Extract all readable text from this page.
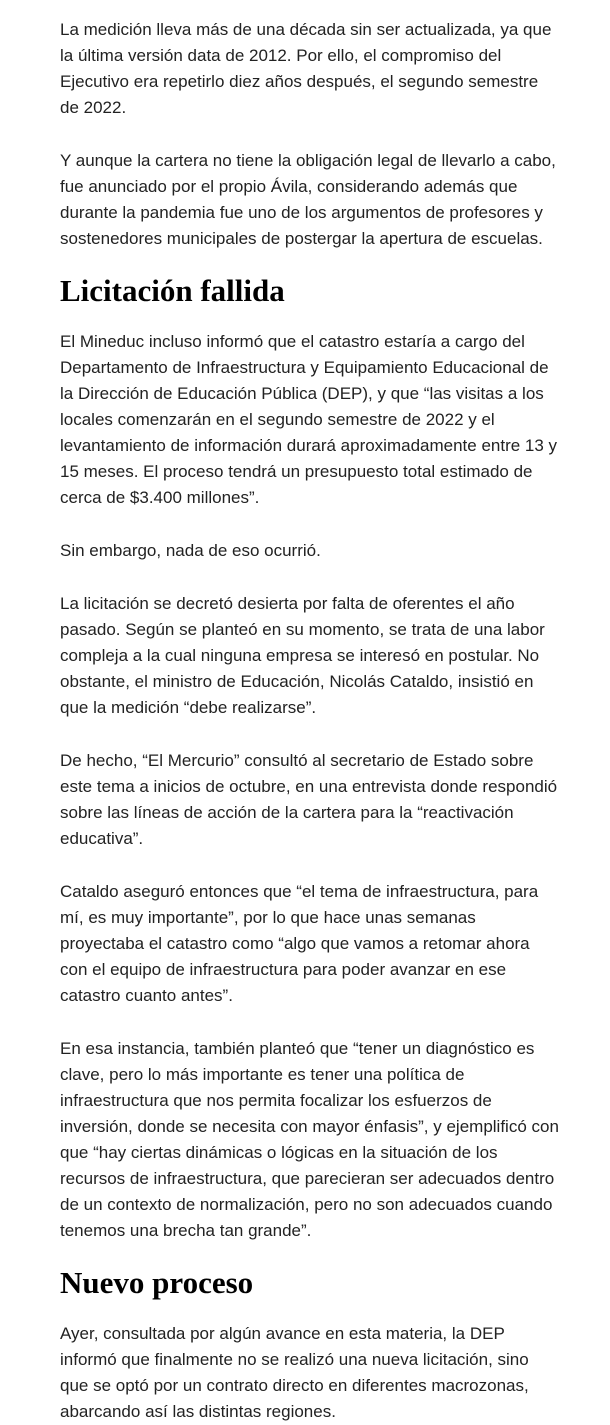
La medición lleva más de una década sin ser actualizada, ya que la última versión data de 2012. Por ello, el compromiso del Ejecutivo era repetirlo diez años después, el segundo semestre de 2022.

Y aunque la cartera no tiene la obligación legal de llevarlo a cabo, fue anunciado por el propio Ávila, considerando además que durante la pandemia fue uno de los argumentos de profesores y sostenedores municipales de postergar la apertura de escuelas.

Licitación fallida

El Mineduc incluso informó que el catastro estaría a cargo del Departamento de Infraestructura y Equipamiento Educacional de la Dirección de Educación Pública (DEP), y que “las visitas a los locales comenzarán en el segundo semestre de 2022 y el levantamiento de información durará aproximadamente entre 13 y 15 meses. El proceso tendrá un presupuesto total estimado de cerca de $3.400 millones”.

Sin embargo, nada de eso ocurrió.

La licitación se decretó desierta por falta de oferentes el año pasado. Según se planteó en su momento, se trata de una labor compleja a la cual ninguna empresa se interesó en postular. No obstante, el ministro de Educación, Nicolás Cataldo, insistió en que la medición “debe realizarse”.

De hecho, “El Mercurio” consultó al secretario de Estado sobre este tema a inicios de octubre, en una entrevista donde respondió sobre las líneas de acción de la cartera para la “reactivación educativa”.

Cataldo aseguró entonces que “el tema de infraestructura, para mí, es muy importante”, por lo que hace unas semanas proyectaba el catastro como “algo que vamos a retomar ahora con el equipo de infraestructura para poder avanzar en ese catastro cuanto antes”.

En esa instancia, también planteó que “tener un diagnóstico es clave, pero lo más importante es tener una política de infraestructura que nos permita focalizar los esfuerzos de inversión, donde se necesita con mayor énfasis”, y ejemplificó con que “hay ciertas dinámicas o lógicas en la situación de los recursos de infraestructura, que parecieran ser adecuados dentro de un contexto de normalización, pero no son adecuados cuando tenemos una brecha tan grande”.

Nuevo proceso

Ayer, consultada por algún avance en esta materia, la DEP informó que finalmente no se realizó una nueva licitación, sino que se optó por un contrato directo en diferentes macrozonas, abarcando así las distintas regiones.
